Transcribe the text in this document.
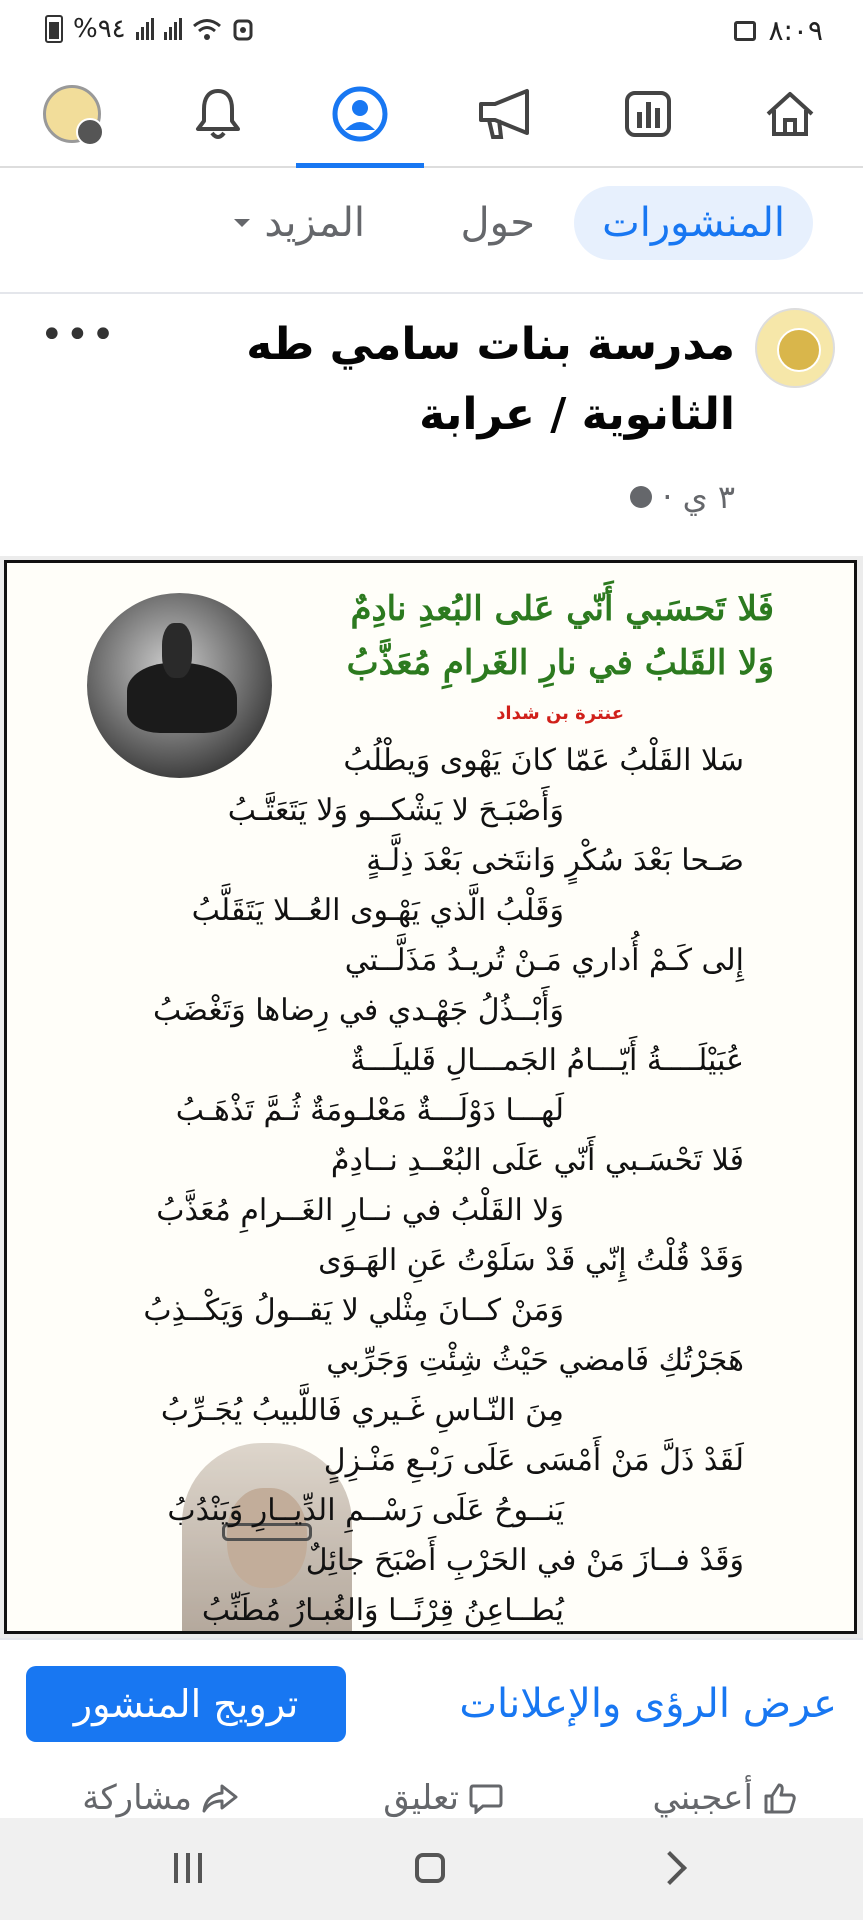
%٩٤	٨:٠٩
المنشورات
حول
المزيد
مدرسة بنات سامي طه الثانوية / عرابة
٣ ي ·
•••
فَلا تَحسَبي أَنّي عَلى البُعدِ نادِمٌ
وَلا القَلبُ في نارِ الغَرامِ مُعَذَّبُ
عنترة بن شداد
سَلا القَلْبُ عَمّا كانَ يَهْوى وَيطْلُبُ
وَأَصْبَـحَ لا يَشْكــو وَلا يَتَعَتَّـبُ
صَـحا بَعْدَ سُكْرٍ وَانتَخى بَعْدَ ذِلَّـةٍ
وَقَلْبُ الَّذي يَهْـوى العُــلا يَتَقَلَّبُ
إِلى كَـمْ أُداري مَـنْ تُريـدُ مَذَلَّــتي
وَأَبْــذُلُ جَهْـدي في رِضاها وَتَغْضَبُ
عُبَيْلَــــةُ أَيّـــامُ الجَمـــالِ قَليلَـــةٌ
لَهـــا دَوْلَـــةٌ مَعْلـومَةٌ ثُـمَّ تَذْهَـبُ
فَلا تَحْسَـبي أَنّي عَلَى البُعْــدِ نــادِمٌ
وَلا القَلْبُ في نــارِ الغَــرامِ مُعَذَّبُ
وَقَدْ قُلْتُ إِنّي قَدْ سَلَوْتُ عَنِ الهَـوَى
وَمَنْ كــانَ مِثْلي لا يَقــولُ وَيَكْــذِبُ
هَجَرْتُكِ فَامضي حَيْثُ شِئْتِ وَجَرِّبي
مِنَ النّـاسِ غَـيري فَاللَّبيبُ يُجَـرِّبُ
لَقَدْ ذَلَّ مَنْ أَمْسَى عَلَى رَبْـعِ مَنْـزِلٍ
يَنــوحُ عَلَى رَسْــمِ الدِّيــارِ وَيَنْدُبُ
وَقَدْ فــازَ مَنْ في الحَرْبِ أَصْبَحَ جائِلٌ
يُطــاعِنُ قِرْنًــا وَالغُبـارُ مُطَنِّبُ
عرض الرؤى والإعلانات
ترويج المنشور
أعجبني
تعليق
مشاركة
